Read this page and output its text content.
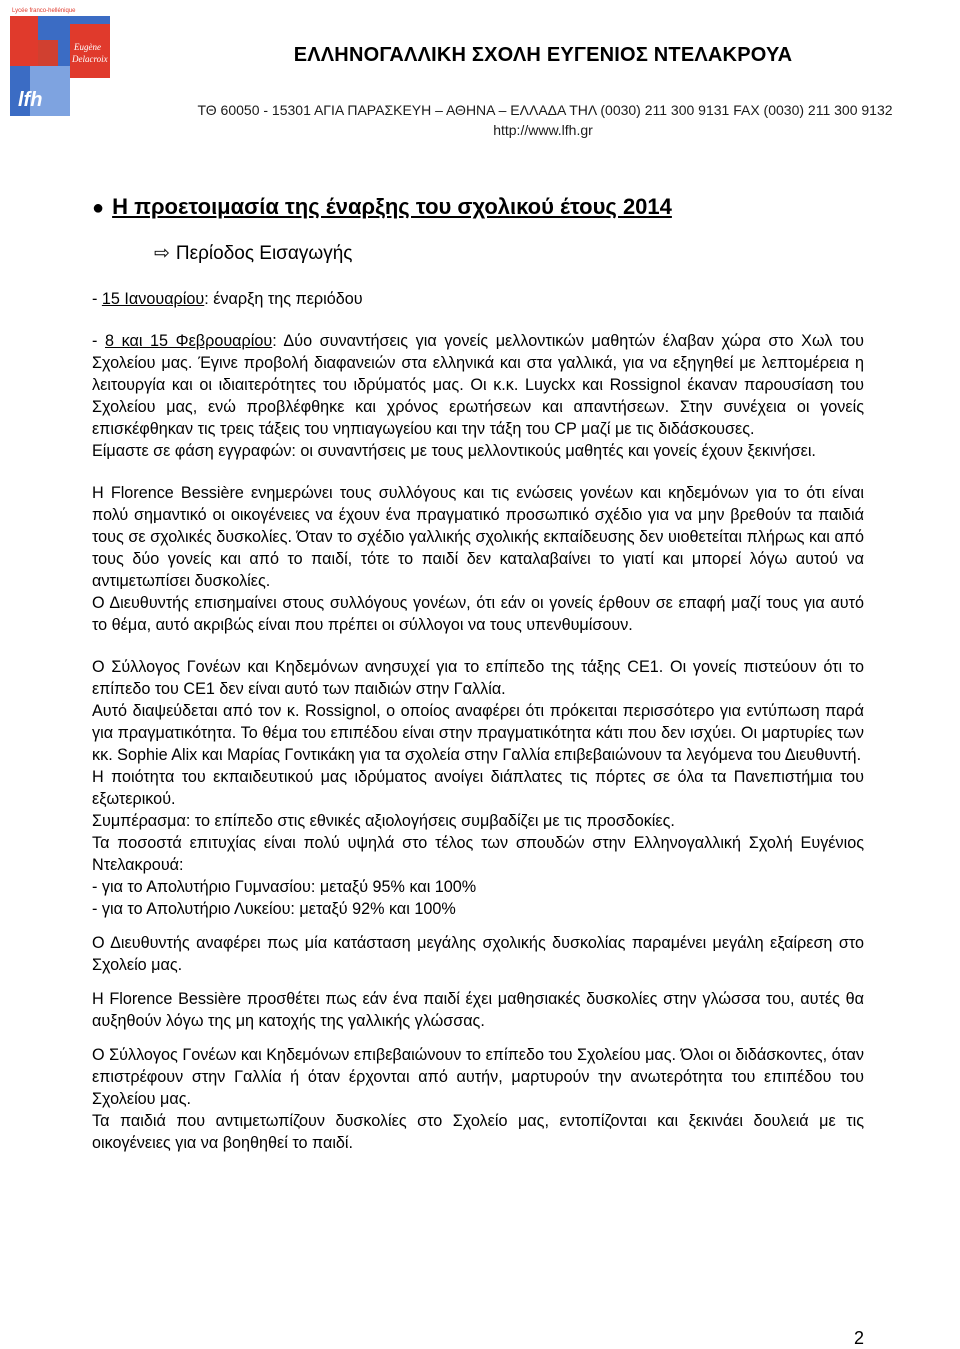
Lycée franco-hellénique
Eugène
Delacroix
lfh
ΕΛΛΗΝΟΓΑΛΛΙΚΗ ΣΧΟΛΗ ΕΥΓΕΝΙΟΣ ΝΤΕΛΑΚΡΟΥΑ
ΤΘ 60050 - 15301 ΑΓΙΑ ΠΑΡΑΣΚΕΥΗ – ΑΘΗΝΑ – ΕΛΛΑΔΑ ΤΗΛ (0030) 211 300 9131 FAX (0030) 211 300 9132
http://www.lfh.gr
● Η προετοιμασία της έναρξης του σχολικού έτους 2014
⇨ Περίοδος Εισαγωγής

- 15 Ιανουαρίου: έναρξη της περιόδου

- 8 και 15 Φεβρουαρίου: Δύο συναντήσεις για γονείς μελλοντικών μαθητών έλαβαν χώρα στο Χωλ του Σχολείου μας. Έγινε προβολή διαφανειών στα ελληνικά και στα γαλλικά, για να εξηγηθεί με λεπτομέρεια η λειτουργία και οι ιδιαιτερότητες του ιδρύματός μας. Οι κ.κ. Luyckx και Rossignol έκαναν παρουσίαση του Σχολείου μας, ενώ προβλέφθηκε και χρόνος ερωτήσεων και απαντήσεων. Στην συνέχεια οι γονείς επισκέφθηκαν τις τρεις τάξεις του νηπιαγωγείου και την τάξη του CP μαζί με τις διδάσκουσες.

Είμαστε σε φάση εγγραφών: οι συναντήσεις με τους μελλοντικούς μαθητές και γονείς έχουν ξεκινήσει.

Η Florence Bessière ενημερώνει τους συλλόγους και τις ενώσεις γονέων και κηδεμόνων για το ότι είναι πολύ σημαντικό οι οικογένειες να έχουν ένα πραγματικό προσωπικό σχέδιο για να μην βρεθούν τα παιδιά τους σε σχολικές δυσκολίες. Όταν το σχέδιο γαλλικής σχολικής εκπαίδευσης δεν υιοθετείται πλήρως και από τους δύο γονείς και από το παιδί, τότε το παιδί δεν καταλαβαίνει το γιατί και μπορεί λόγω αυτού να αντιμετωπίσει δυσκολίες.

Ο Διευθυντής επισημαίνει στους συλλόγους γονέων, ότι εάν οι γονείς έρθουν σε επαφή μαζί τους για αυτό το θέμα, αυτό ακριβώς είναι που πρέπει οι σύλλογοι να τους υπενθυμίσουν.

Ο Σύλλογος Γονέων και Κηδεμόνων ανησυχεί για το επίπεδο της τάξης CE1. Οι γονείς πιστεύουν ότι το επίπεδο του CE1 δεν είναι αυτό των παιδιών στην Γαλλία.

Αυτό διαψεύδεται από τον κ. Rossignol, ο οποίος αναφέρει ότι πρόκειται περισσότερο για εντύπωση παρά για πραγματικότητα. Το θέμα του επιπέδου είναι στην πραγματικότητα κάτι που δεν ισχύει. Οι μαρτυρίες των κκ. Sophie Alix και Μαρίας Γοντικάκη για τα σχολεία στην Γαλλία επιβεβαιώνουν τα λεγόμενα του Διευθυντή.

Η ποιότητα του εκπαιδευτικού μας ιδρύματος ανοίγει διάπλατες τις πόρτες σε όλα τα Πανεπιστήμια του εξωτερικού.

Συμπέρασμα: το επίπεδο στις εθνικές αξιολογήσεις συμβαδίζει με τις προσδοκίες.

Τα ποσοστά επιτυχίας είναι πολύ υψηλά στο τέλος των σπουδών στην Ελληνογαλλική Σχολή Ευγένιος Ντελακρουά:

- για το Απολυτήριο Γυμνασίου: μεταξύ 95% και 100%

- για το Απολυτήριο Λυκείου: μεταξύ 92% και 100%

Ο Διευθυντής αναφέρει πως μία κατάσταση μεγάλης σχολικής δυσκολίας παραμένει μεγάλη εξαίρεση στο Σχολείο μας.

Η Florence Bessière προσθέτει πως εάν ένα παιδί έχει μαθησιακές δυσκολίες στην γλώσσα του, αυτές θα αυξηθούν λόγω της μη κατοχής της γαλλικής γλώσσας.

Ο Σύλλογος Γονέων και Κηδεμόνων επιβεβαιώνουν το επίπεδο του Σχολείου μας. Όλοι οι διδάσκοντες, όταν επιστρέφουν στην Γαλλία ή όταν έρχονται από αυτήν, μαρτυρούν την ανωτερότητα του επιπέδου του Σχολείου μας.

Τα παιδιά που αντιμετωπίζουν δυσκολίες στο Σχολείο μας, εντοπίζονται και ξεκινάει δουλειά με τις οικογένειες για να βοηθηθεί το παιδί.

2
